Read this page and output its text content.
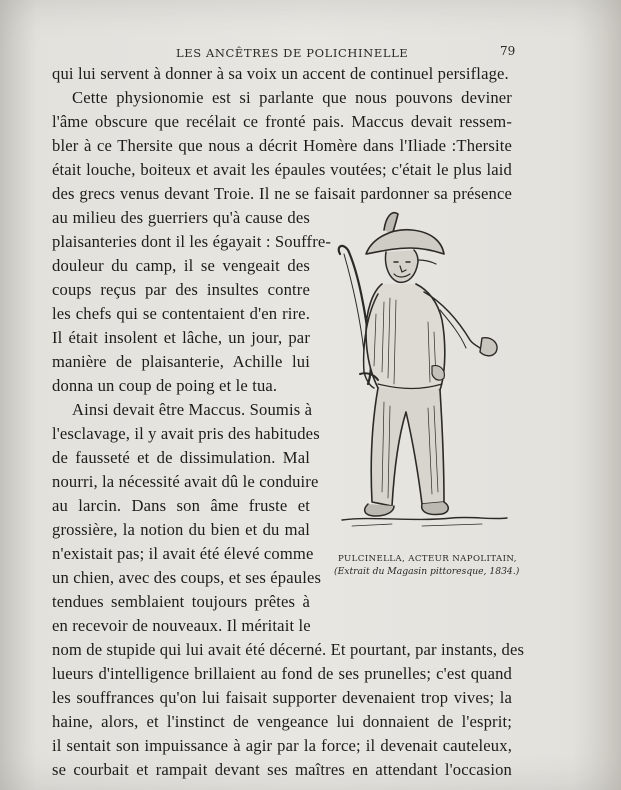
LES ANCÊTRES DE POLICHINELLE	79
qui lui servent à donner à sa voix un accent de continuel persiflage.
Cette physionomie est si parlante que nous pouvons deviner
l'âme obscure que recélait ce fronté pais. Maccus devait ressem-
bler à ce Thersite que nous a décrit Homère dans l'Iliade :Thersite
était louche, boiteux et avait les épaules voutées; c'était le plus laid
des grecs venus devant Troie. Il ne se faisait pardonner sa présence
au milieu des guerriers qu'à cause des
plaisanteries dont il les égayait : Souffre-
douleur du camp, il se vengeait des
coups reçus par des insultes contre
les chefs qui se contentaient d'en rire.
Il était insolent et lâche, un jour, par
manière de plaisanterie, Achille lui
donna un coup de poing et le tua.
Ainsi devait être Maccus. Soumis à
l'esclavage, il y avait pris des habitudes
de fausseté et de dissimulation. Mal
nourri, la nécessité avait dû le conduire
au larcin. Dans son âme fruste et
grossière, la notion du bien et du mal
n'existait pas; il avait été élevé comme
un chien, avec des coups, et ses épaules
tendues semblaient toujours prêtes à
en recevoir de nouveaux. Il méritait le
nom de stupide qui lui avait été décerné. Et pourtant, par instants, des
lueurs d'intelligence brillaient au fond de ses prunelles; c'est quand
les souffrances qu'on lui faisait supporter devenaient trop vives; la
haine, alors, et l'instinct de vengeance lui donnaient de l'esprit;
il sentait son impuissance à agir par la force; il devenait cauteleux,
se courbait et rampait devant ses maîtres en attendant l'occasion
PULCINELLA, ACTEUR NAPOLITAIN,
(Extrait du Magasin pittoresque, 1834.)
